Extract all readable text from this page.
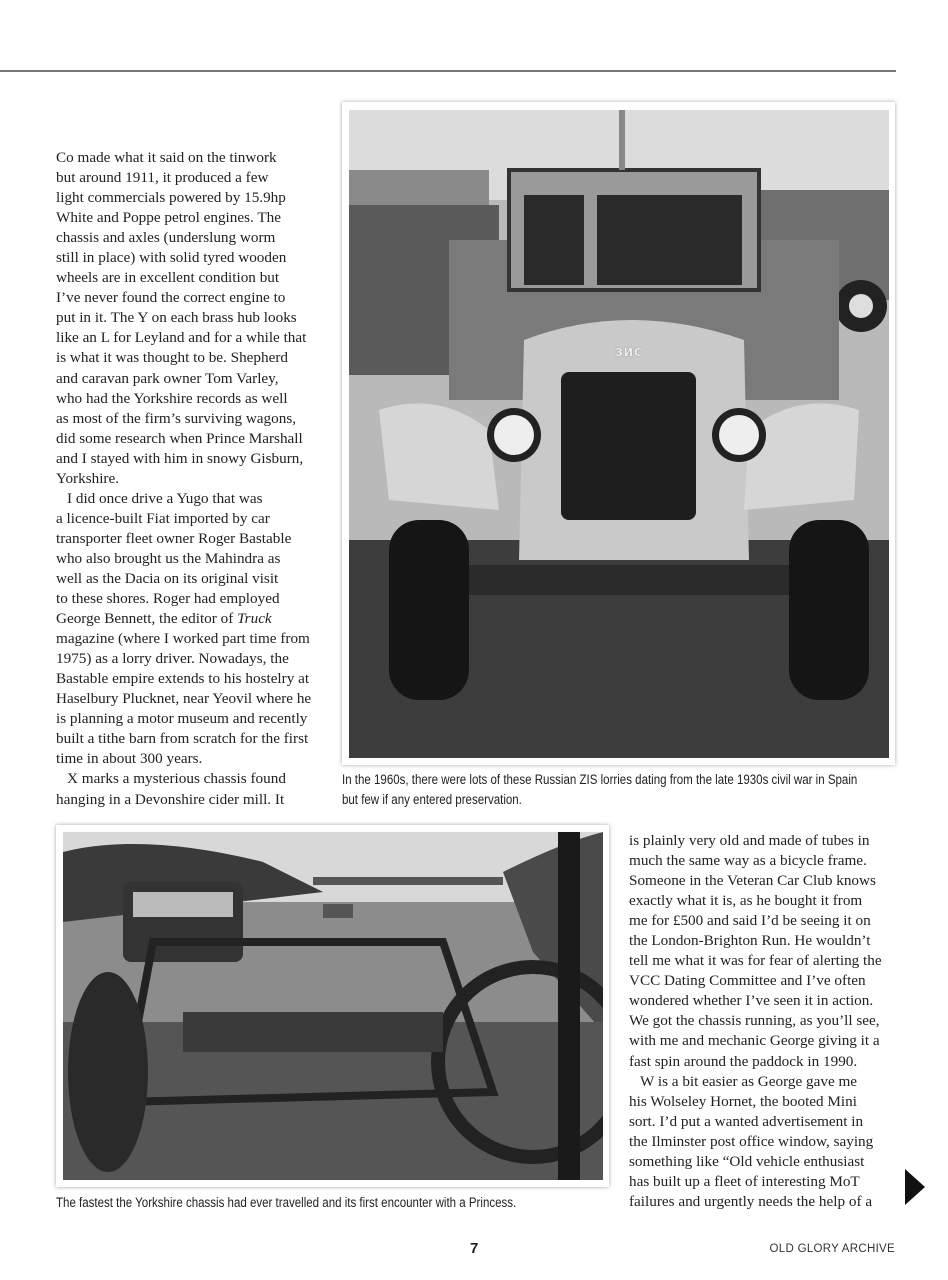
Co made what it said on the tinwork
but around 1911, it produced a few
light commercials powered by 15.9hp
White and Poppe petrol engines. The
chassis and axles (underslung worm
still in place) with solid tyred wooden
wheels are in excellent condition but
I’ve never found the correct engine to
put in it. The Y on each brass hub looks
like an L for Leyland and for a while that
is what it was thought to be. Shepherd
and caravan park owner Tom Varley,
who had the Yorkshire records as well
as most of the firm’s surviving wagons,
did some research when Prince Marshall
and I stayed with him in snowy Gisburn,
Yorkshire.
I did once drive a Yugo that was
a licence-built Fiat imported by car
transporter fleet owner Roger Bastable
who also brought us the Mahindra as
well as the Dacia on its original visit
to these shores. Roger had employed
George Bennett, the editor of Truck
magazine (where I worked part time from
1975) as a lorry driver. Nowadays, the
Bastable empire extends to his hostelry at
Haselbury Plucknet, near Yeovil where he
is planning a motor museum and recently
built a tithe barn from scratch for the first
time in about 300 years.
X marks a mysterious chassis found
hanging in a Devonshire cider mill. It
ЗИС
In the 1960s, there were lots of these Russian ZIS lorries dating from the late 1930s civil war in Spain
but few if any entered preservation.
The fastest the Yorkshire chassis had ever travelled and its first encounter with a Princess.
is plainly very old and made of tubes in
much the same way as a bicycle frame.
Someone in the Veteran Car Club knows
exactly what it is, as he bought it from
me for £500 and said I’d be seeing it on
the London-Brighton Run. He wouldn’t
tell me what it was for fear of alerting the
VCC Dating Committee and I’ve often
wondered whether I’ve seen it in action.
We got the chassis running, as you’ll see,
with me and mechanic George giving it a
fast spin around the paddock in 1990.
W is a bit easier as George gave me
his Wolseley Hornet, the booted Mini
sort. I’d put a wanted advertisement in
the Ilminster post office window, saying
something like “Old vehicle enthusiast
has built up a fleet of interesting MoT
failures and urgently needs the help of a
7	OLD GLORY ARCHIVE
